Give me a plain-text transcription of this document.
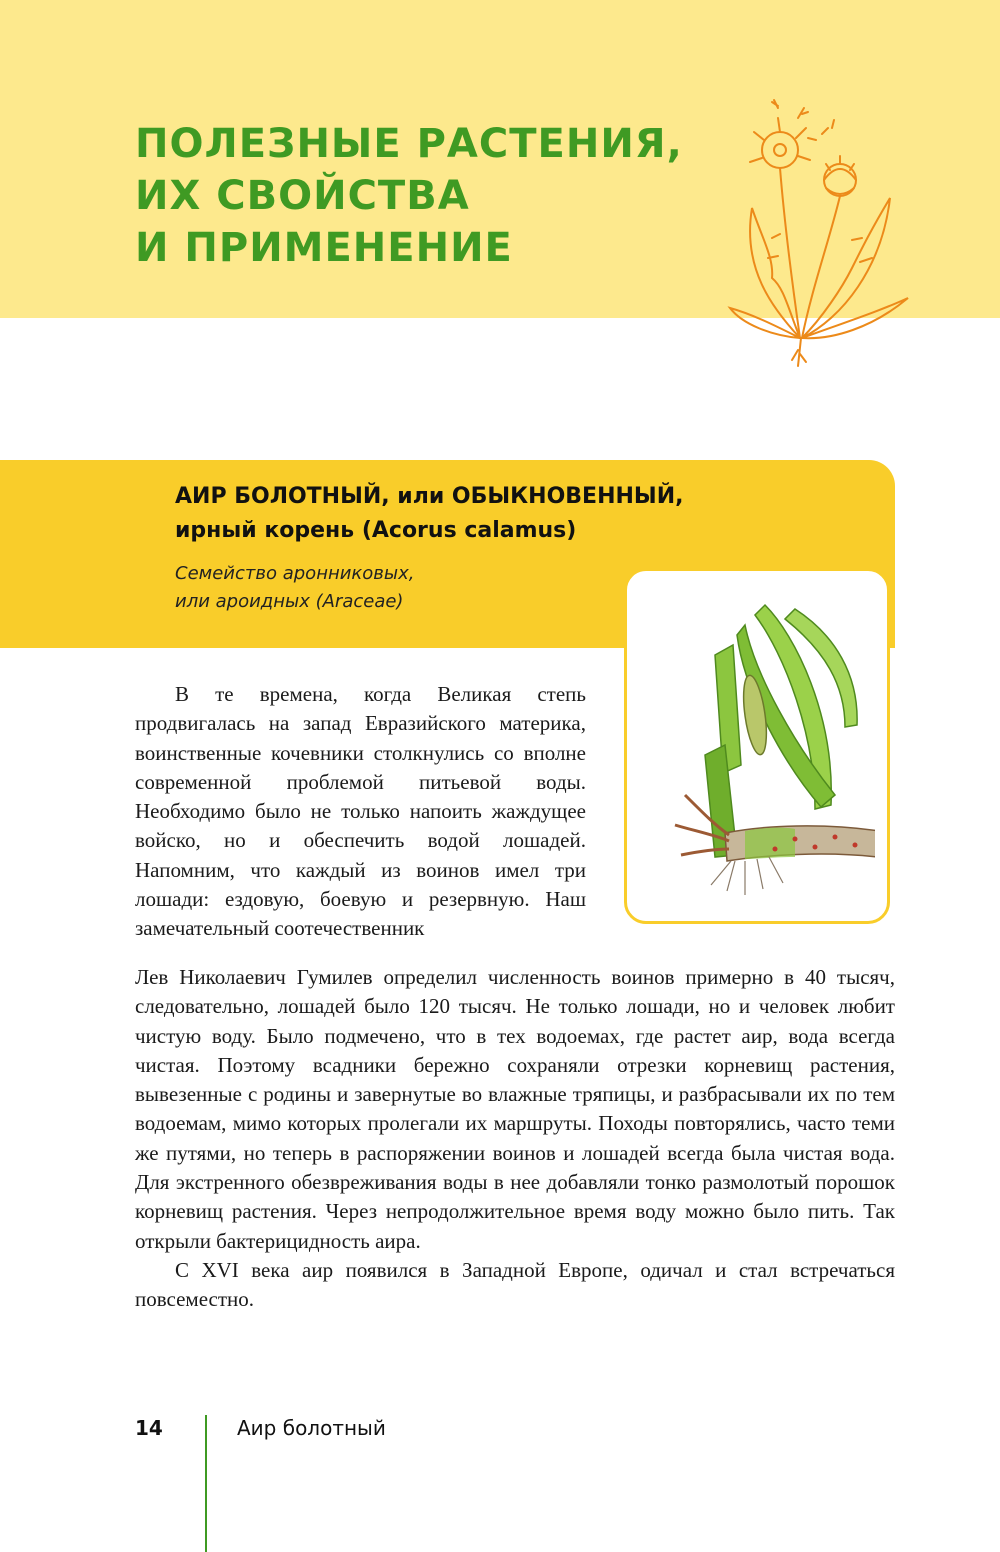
ПОЛЕЗНЫЕ РАСТЕНИЯ,
ИХ СВОЙСТВА
И ПРИМЕНЕНИЕ
АИР БОЛОТНЫЙ, или ОБЫКНОВЕННЫЙ,
ирный корень (Acorus calamus)

Семейство аронниковых,
или ароидных (Araceae)

В те времена, когда Великая степь продвигалась на запад Евразийского материка, воинственные кочевники столкнулись со вполне современной проблемой питьевой воды. Необходимо было не только напоить жаждущее войско, но и обеспечить водой лошадей. Напомним, что каждый из воинов имел три лошади: ездовую, боевую и резервную. Наш замечательный соотечественник

Лев Николаевич Гумилев определил численность воинов примерно в 40 тысяч, следовательно, лошадей было 120 тысяч. Не только лошади, но и человек любит чистую воду. Было подмечено, что в тех водоемах, где растет аир, вода всегда чистая. Поэтому всадники бережно сохраняли отрезки корневищ растения, вывезенные с родины и завернутые во влажные тряпицы, и разбрасывали их по тем водоемам, мимо которых пролегали их маршруты. Походы повторялись, часто теми же путями, но теперь в распоряжении воинов и лошадей всегда была чистая вода. Для экстренного обезвреживания воды в нее добавляли тонко размолотый порошок корневищ растения. Через непродолжительное время воду можно было пить. Так открыли бактерицидность аира.

С XVI века аир появился в Западной Европе, одичал и стал встречаться повсеместно.

14	Аир болотный
